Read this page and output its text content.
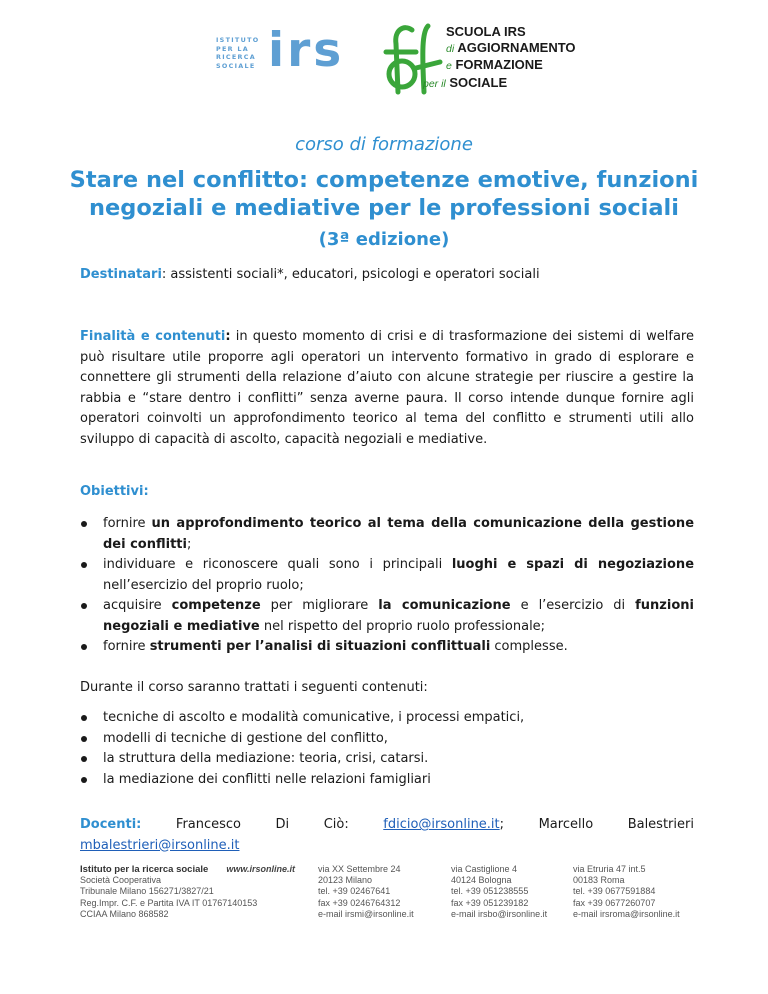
ISTITUTO
PER LA
RICERCA
SOCIALE irs	SCUOLA IRS
di AGGIORNAMENTO
e FORMAZIONE
per il SOCIALE
corso di formazione
Stare nel conflitto: competenze emotive, funzioni negoziali e mediative per le professioni sociali
(3ª edizione)
Destinatari: assistenti sociali*, educatori, psicologi e operatori sociali
Finalità e contenuti: in questo momento di crisi e di trasformazione dei sistemi di welfare può risultare utile proporre agli operatori un intervento formativo in grado di esplorare e connettere gli strumenti della relazione d’aiuto con alcune strategie per riuscire a gestire la rabbia e “stare dentro i conflitti” senza averne paura. Il corso intende dunque fornire agli operatori coinvolti un approfondimento teorico al tema del conflitto e strumenti utili allo sviluppo di capacità di ascolto, capacità negoziali e mediative.
Obiettivi:
fornire un approfondimento teorico al tema della comunicazione della gestione dei conflitti;
individuare e riconoscere quali sono i principali luoghi e spazi di negoziazione nell’esercizio del proprio ruolo;
acquisire competenze per migliorare la comunicazione e l’esercizio di funzioni negoziali e mediative nel rispetto del proprio ruolo professionale;
fornire strumenti per l’analisi di situazioni conflittuali complesse.
Durante il corso saranno trattati i seguenti contenuti:
tecniche di ascolto e modalità comunicative, i processi empatici,
modelli di tecniche di gestione del conflitto,
la struttura della mediazione: teoria, crisi, catarsi.
la mediazione dei conflitti nelle relazioni famigliari
Docenti:	Francesco	Di	Ciò:	fdicio@irsonline.it;	Marcello	Balestrieri
mbalestrieri@irsonline.it
Istituto per la ricerca sociale www.irsonline.it
Società Cooperativa
Tribunale Milano 156271/3827/21
Reg.Impr. C.F. e Partita IVA IT 01767140153
CCIAA Milano 868582
via XX Settembre 24
20123 Milano
tel. +39 02467641
fax +39 0246764312
e-mail irsmi@irsonline.it
via Castiglione 4
40124 Bologna
tel. +39 051238555
fax +39 051239182
e-mail irsbo@irsonline.it
via Etruria 47 int.5
00183 Roma
tel. +39 0677591884
fax +39 0677260707
e-mail irsroma@irsonline.it
